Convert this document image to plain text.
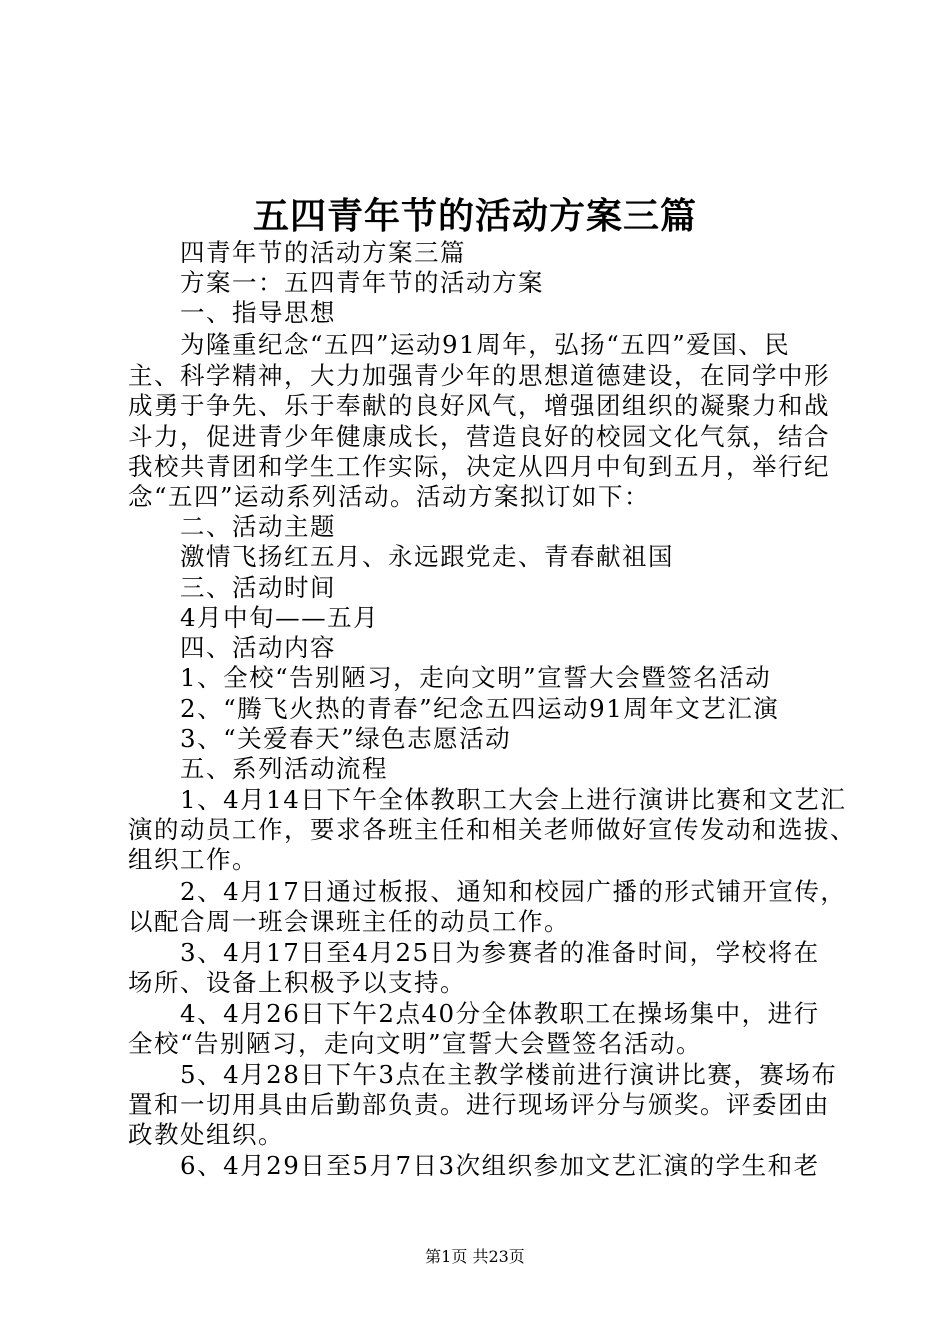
五四青年节的活动方案三篇
四青年节的活动方案三篇
方案一：五四青年节的活动方案
一、指导思想
为隆重纪念“五四”运动91周年，弘扬“五四”爱国、民
主、科学精神，大力加强青少年的思想道德建设，在同学中形
成勇于争先、乐于奉献的良好风气，增强团组织的凝聚力和战
斗力，促进青少年健康成长，营造良好的校园文化气氛，结合
我校共青团和学生工作实际，决定从四月中旬到五月，举行纪
念“五四”运动系列活动。活动方案拟订如下：
二、活动主题
激情飞扬红五月、永远跟党走、青春献祖国
三、活动时间
4月中旬——五月
四、活动内容
1、全校“告别陋习，走向文明”宣誓大会暨签名活动
2、“腾飞火热的青春”纪念五四运动91周年文艺汇演
3、“关爱春天”绿色志愿活动
五、系列活动流程
1、4月14日下午全体教职工大会上进行演讲比赛和文艺汇
演的动员工作，要求各班主任和相关老师做好宣传发动和选拔、
组织工作。
2、4月17日通过板报、通知和校园广播的形式铺开宣传，
以配合周一班会课班主任的动员工作。
3、4月17日至4月25日为参赛者的准备时间，学校将在
场所、设备上积极予以支持。
4、4月26日下午2点40分全体教职工在操场集中，进行
全校“告别陋习，走向文明”宣誓大会暨签名活动。
5、4月28日下午3点在主教学楼前进行演讲比赛，赛场布
置和一切用具由后勤部负责。进行现场评分与颁奖。评委团由
政教处组织。
6、4月29日至5月7日3次组织参加文艺汇演的学生和老
第1页 共23页
